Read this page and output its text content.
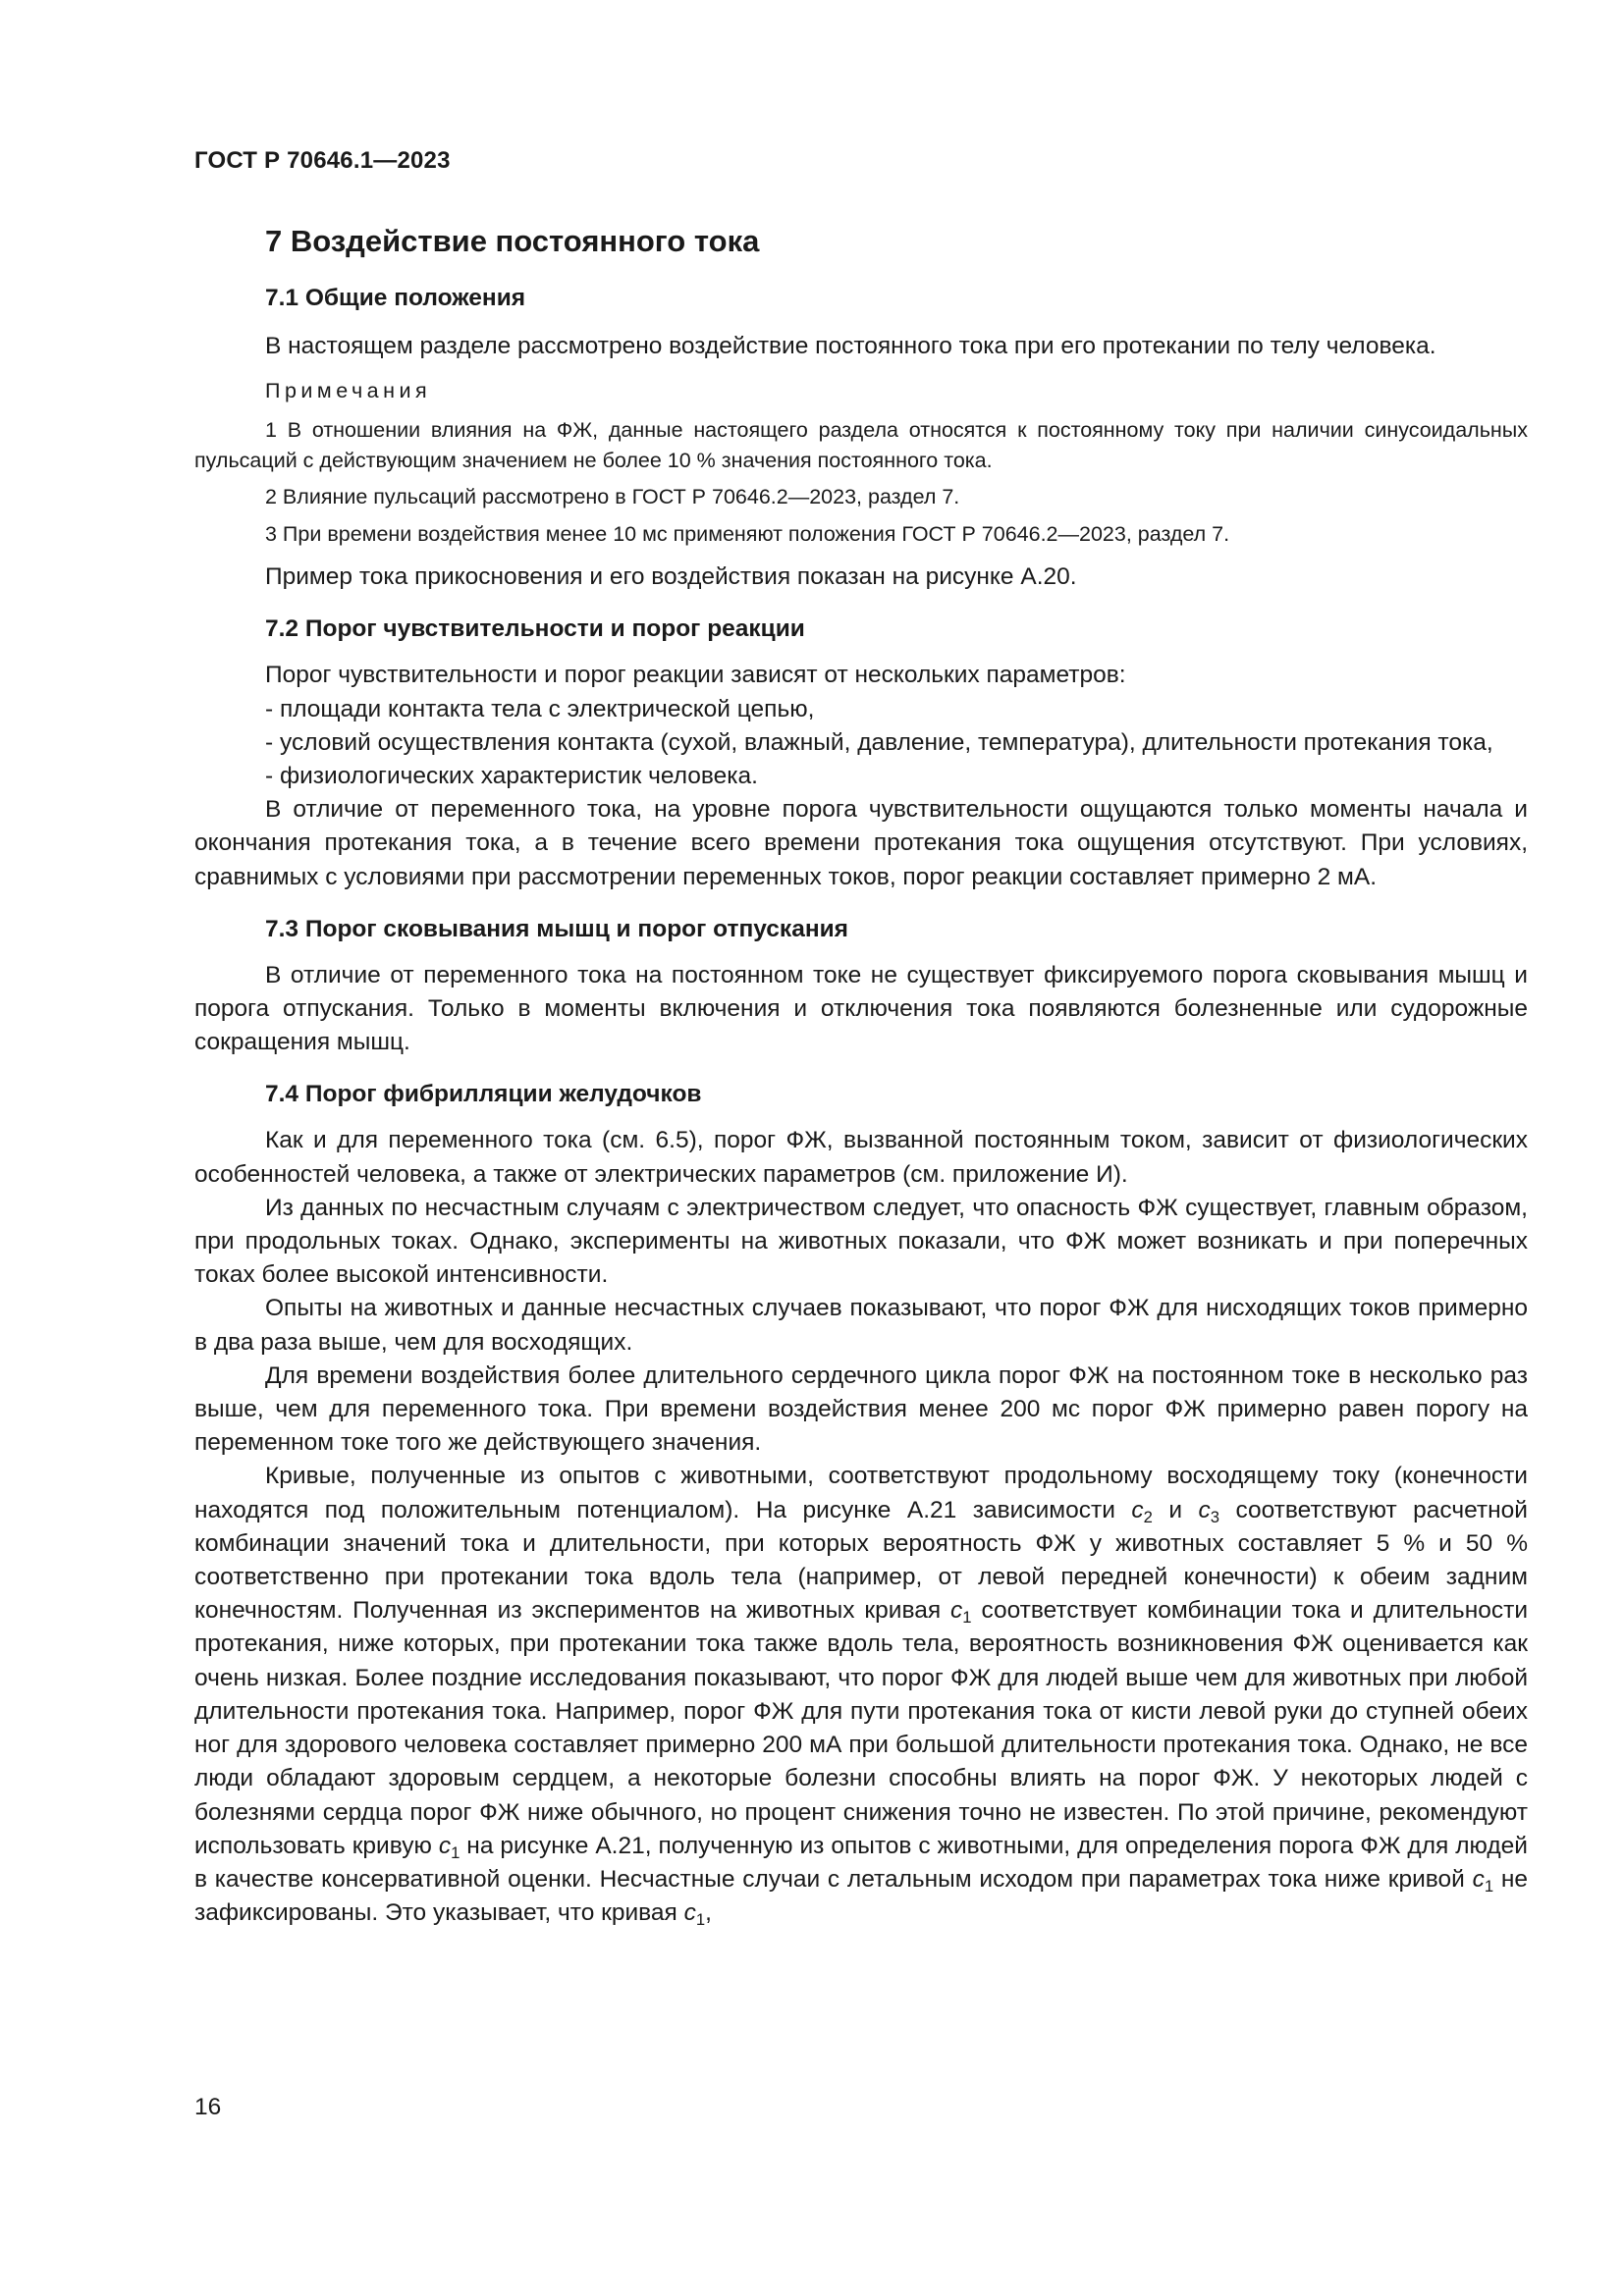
ГОСТ Р 70646.1—2023
7 Воздействие постоянного тока
7.1 Общие положения

В настоящем разделе рассмотрено воздействие постоянного тока при его протекании по телу человека.

Примечания

1 В отношении влияния на ФЖ, данные настоящего раздела относятся к постоянному току при наличии синусоидальных пульсаций с действующим значением не более 10 % значения постоянного тока.

2 Влияние пульсаций рассмотрено в ГОСТ Р 70646.2—2023, раздел 7.

3 При времени воздействия менее 10 мс применяют положения ГОСТ Р 70646.2—2023, раздел 7.

Пример тока прикосновения и его воздействия показан на рисунке А.20.

7.2 Порог чувствительности и порог реакции

Порог чувствительности и порог реакции зависят от нескольких параметров:

- площади контакта тела с электрической цепью,

- условий осуществления контакта (сухой, влажный, давление, температура), длительности протекания тока,

- физиологических характеристик человека.

В отличие от переменного тока, на уровне порога чувствительности ощущаются только моменты начала и окончания протекания тока, а в течение всего времени протекания тока ощущения отсутствуют. При условиях, сравнимых с условиями при рассмотрении переменных токов, порог реакции составляет примерно 2 мА.

7.3 Порог сковывания мышц и порог отпускания

В отличие от переменного тока на постоянном токе не существует фиксируемого порога сковывания мышц и порога отпускания. Только в моменты включения и отключения тока появляются болезненные или судорожные сокращения мышц.

7.4 Порог фибрилляции желудочков

Как и для переменного тока (см. 6.5), порог ФЖ, вызванной постоянным током, зависит от физиологических особенностей человека, а также от электрических параметров (см. приложение И).

Из данных по несчастным случаям с электричеством следует, что опасность ФЖ существует, главным образом, при продольных токах. Однако, эксперименты на животных показали, что ФЖ может возникать и при поперечных токах более высокой интенсивности.

Опыты на животных и данные несчастных случаев показывают, что порог ФЖ для нисходящих токов примерно в два раза выше, чем для восходящих.

Для времени воздействия более длительного сердечного цикла порог ФЖ на постоянном токе в несколько раз выше, чем для переменного тока. При времени воздействия менее 200 мс порог ФЖ примерно равен порогу на переменном токе того же действующего значения.

Кривые, полученные из опытов с животными, соответствуют продольному восходящему току (конечности находятся под положительным потенциалом). На рисунке А.21 зависимости $c_2$ и $c_3$ соответствуют расчетной комбинации значений тока и длительности, при которых вероятность ФЖ у животных составляет 5 % и 50 % соответственно при протекании тока вдоль тела (например, от левой передней конечности) к обеим задним конечностям. Полученная из экспериментов на животных кривая $c_1$ соответствует комбинации тока и длительности протекания, ниже которых, при протекании тока также вдоль тела, вероятность возникновения ФЖ оценивается как очень низкая. Более поздние исследования показывают, что порог ФЖ для людей выше чем для животных при любой длительности протекания тока. Например, порог ФЖ для пути протекания тока от кисти левой руки до ступней обеих ног для здорового человека составляет примерно 200 мА при большой длительности протекания тока. Однако, не все люди обладают здоровым сердцем, а некоторые болезни способны влиять на порог ФЖ. У некоторых людей с болезнями сердца порог ФЖ ниже обычного, но процент снижения точно не известен. По этой причине, рекомендуют использовать кривую $c_1$ на рисунке А.21, полученную из опытов с животными, для определения порога ФЖ для людей в качестве консервативной оценки. Несчастные случаи с летальным исходом при параметрах тока ниже кривой $c_1$ не зафиксированы. Это указывает, что кривая $c_1$,

16
